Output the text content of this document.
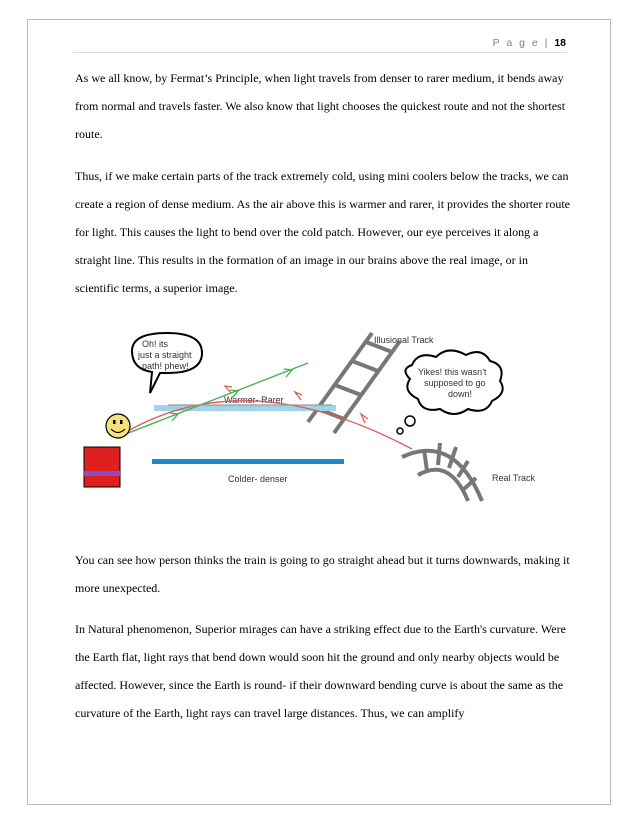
P a g e | 18

As we all know, by Fermat’s Principle, when light travels from denser to rarer medium, it bends away from normal and travels faster. We also know that light chooses the quickest route and not the shortest route.

Thus, if we make certain parts of the track extremely cold, using mini coolers below the tracks, we can create a region of dense medium. As the air above this is warmer and rarer, it provides the shorter route for light. This causes the light to bend over the cold patch. However, our eye perceives it along a straight line. This results in the formation of an image in our brains above the real image, or in scientific terms, a superior image.

Illusional Track
Real Track
Warmer- Rarer
Colder- denser
Oh! its
just a straight
path! phew!
Yikes! this wasn't
supposed to go
down!

You can see how person thinks the train is going to go straight ahead but it turns downwards, making it more unexpected.

In Natural phenomenon, Superior mirages can have a striking effect due to the Earth's curvature. Were the Earth flat, light rays that bend down would soon hit the ground and only nearby objects would be affected. However, since the Earth is round- if their downward bending curve is about the same as the curvature of the Earth, light rays can travel large distances. Thus, we can amplify
